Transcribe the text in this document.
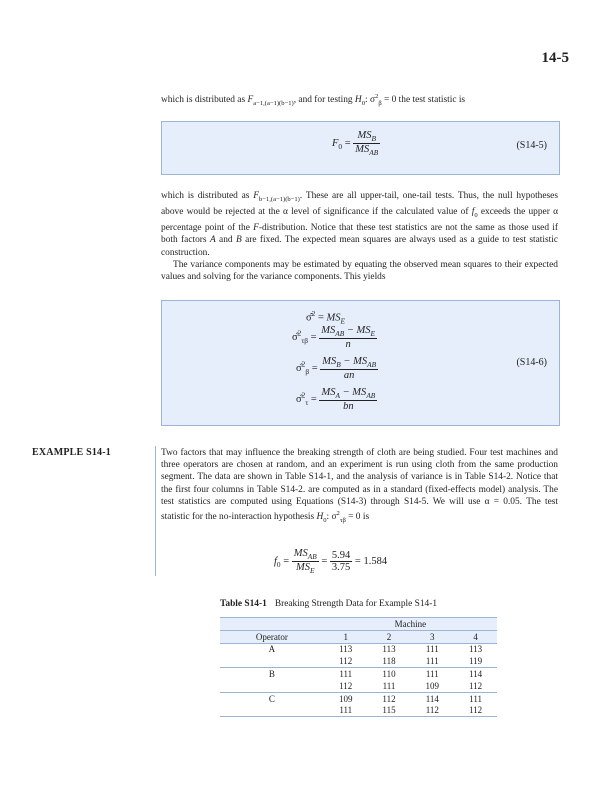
14-5
which is distributed as $F_{a-1,(a-1)(b-1)}$, and for testing $H_0$: $\sigma^2_\beta = 0$ the test statistic is
$F_0 = \frac{MS_B}{MS_{AB}}$	(S14-5)
which is distributed as $F_{b-1,(a-1)(b-1)}$. These are all upper-tail, one-tail tests. Thus, the null hypotheses above would be rejected at the α level of significance if the calculated value of $f_0$ exceeds the upper α percentage point of the F-distribution. Notice that these test statistics are not the same as those used if both factors A and B are fixed. The expected mean squares are always used as a guide to test statistic construction.
The variance components may be estimated by equating the observed mean squares to their expected values and solving for the variance components. This yields
σ̂$^2$ = $MS_E$
σ̂$^2_{\tau\beta}$ = $\frac{MS_{AB} - MS_E}{n}$
σ̂$^2_\beta$ = $\frac{MS_B - MS_{AB}}{an}$
σ̂$^2_\tau$ = $\frac{MS_A - MS_{AB}}{bn}$
(S14-6)
EXAMPLE S14-1	Two factors that may influence the breaking strength of cloth are being studied. Four test machines and three operators are chosen at random, and an experiment is run using cloth from the same production segment. The data are shown in Table S14-1, and the analysis of variance is in Table S14-2. Notice that the first four columns in Table S14-2. are computed as in a standard (fixed-effects model) analysis. The test statistics are computed using Equations (S14-3) through S14-5. We will use α = 0.05. The test statistic for the no-interaction hypothesis $H_0$: $\sigma^2_{\tau\beta} = 0$ is
$f_0 = \frac{MS_{AB}}{MS_E} = \frac{5.94}{3.75} = 1.584$
Table S14-1 Breaking Strength Data for Example S14-1
	Machine			
Operator	1	2	3	4
A	113	113	111	113
	112	118	111	119
B	111	110	111	114
	112	111	109	112
C	109	112	114	111
	111	115	112	112
